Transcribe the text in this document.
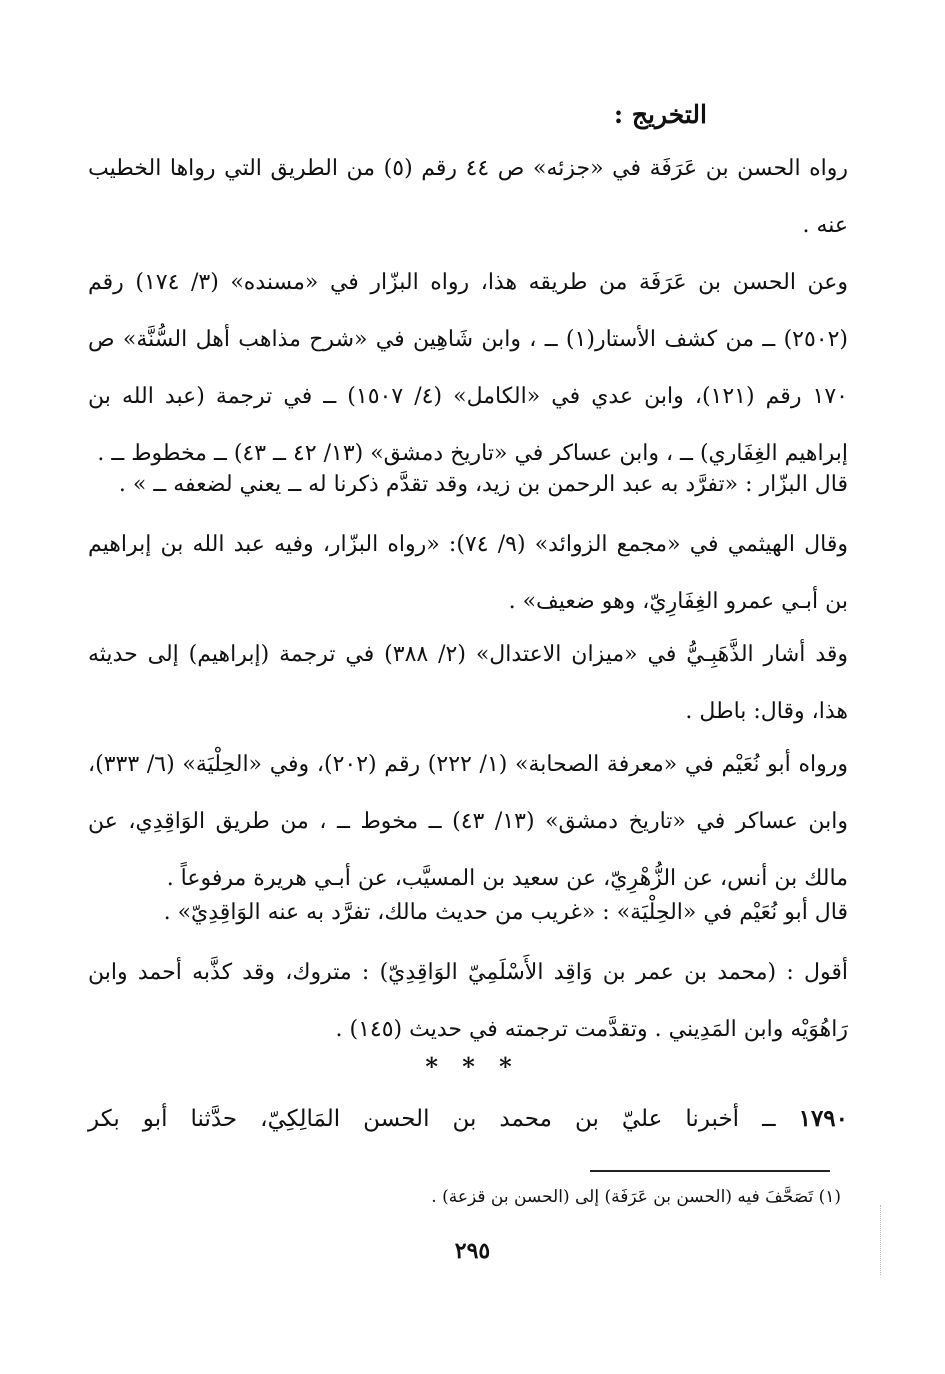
التخريج :

رواه الحسن بن عَرَفَة في «جزئه» ص ٤٤ رقم (٥) من الطريق التي رواها الخطيب عنه .

وعن الحسن بن عَرَفَة من طريقه هذا، رواه البزّار في «مسنده» (٣/ ١٧٤) رقم (٢٥٠٢) ــ من كشف الأستار(١) ــ ، وابن شَاهِين في «شرح مذاهب أهل السُّنَّة» ص ١٧٠ رقم (١٢١)، وابن عدي في «الكامل» (٤/ ١٥٠٧) ــ في ترجمة (عبد الله بن إبراهيم الغِفَاري) ــ ، وابن عساكر في «تاريخ دمشق» (١٣/ ٤٢ ــ ٤٣) ــ مخطوط ــ .

قال البزّار : «تفرَّد به عبد الرحمن بن زيد، وقد تقدَّم ذكرنا له ــ يعني لضعفه ــ » .

وقال الهيثمي في «مجمع الزوائد» (٩/ ٧٤): «رواه البزّار، وفيه عبد الله بن إبراهيم بن أبـي عمرو الغِفَارِيّ، وهو ضعيف» .

وقد أشار الذَّهَبِـيُّ في «ميزان الاعتدال» (٢/ ٣٨٨) في ترجمة (إبراهيم) إلى حديثه هذا، وقال: باطل .

ورواه أبو نُعَيْم في «معرفة الصحابة» (١/ ٢٢٢) رقم (٢٠٢)، وفي «الحِلْيَة» (٦/ ٣٣٣)، وابن عساكر في «تاريخ دمشق» (١٣/ ٤٣) ــ مخوط ــ ، من طريق الوَاقِدِي، عن مالك بن أنس، عن الزُّهْرِيّ، عن سعيد بن المسيَّب، عن أبـي هريرة مرفوعاً .

قال أبو نُعَيْم في «الحِلْيَة» : «غريب من حديث مالك، تفرَّد به عنه الوَاقِدِيّ» .

أقول : (محمد بن عمر بن وَاقِد الأَسْلَمِيّ الوَاقِدِيّ) : متروك، وقد كذَّبه أحمد وابن رَاهُوَيْه وابن المَدِيني . وتقدَّمت ترجمته في حديث (١٤٥) .

* * *

١٧٩٠ ــ أخبرنا عليّ بن محمد بن الحسن المَالِكِيّ، حدَّثنا أبو بكر

(١) تَصَحَّفَ فيه (الحسن بن عَرَفَة) إلى (الحسن بن قزعة) .
٢٩٥
